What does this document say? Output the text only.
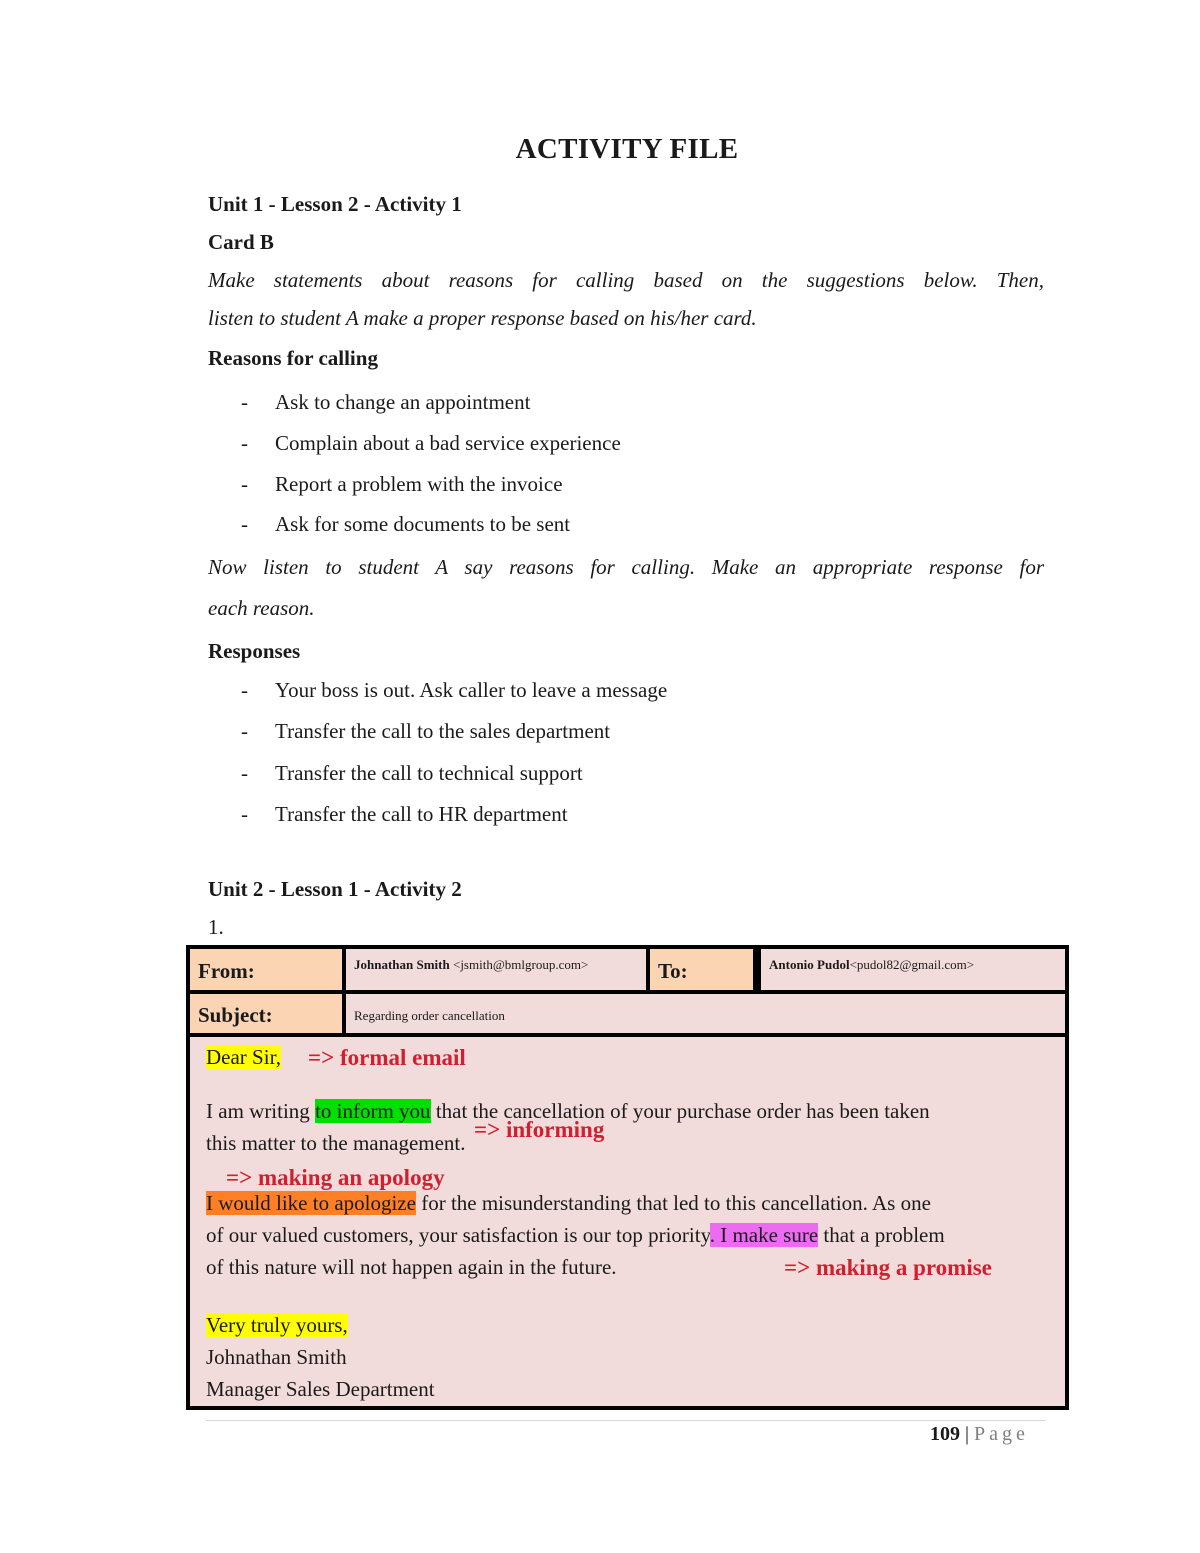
ACTIVITY FILE
Unit 1 - Lesson 2 - Activity 1
Card B
Make statements about reasons for calling based on the suggestions below. Then,
listen to student A make a proper response based on his/her card.
Reasons for calling
- Ask to change an appointment
- Complain about a bad service experience
- Report a problem with the invoice
- Ask for some documents to be sent
Now listen to student A say reasons for calling. Make an appropriate response for
each reason.
Responses
- Your boss is out. Ask caller to leave a message
- Transfer the call to the sales department
- Transfer the call to technical support
- Transfer the call to HR department
Unit 2 - Lesson 1 - Activity 2
1.
From:	Johnathan Smith <jsmith@bmlgroup.com>	To:	Antonio Pudol<pudol82@gmail.com>
Subject:	Regarding order cancellation
Dear Sir, => formal email
I am writing to inform you that the cancellation of your purchase order has been taken
this matter to the management.
=> informing
=> making an apology
I would like to apologize for the misunderstanding that led to this cancellation. As one
of our valued customers, your satisfaction is our top priority. I make sure that a problem
of this nature will not happen again in the future.	=> making a promise
Very truly yours,
Johnathan Smith
Manager Sales Department
109 | Page
